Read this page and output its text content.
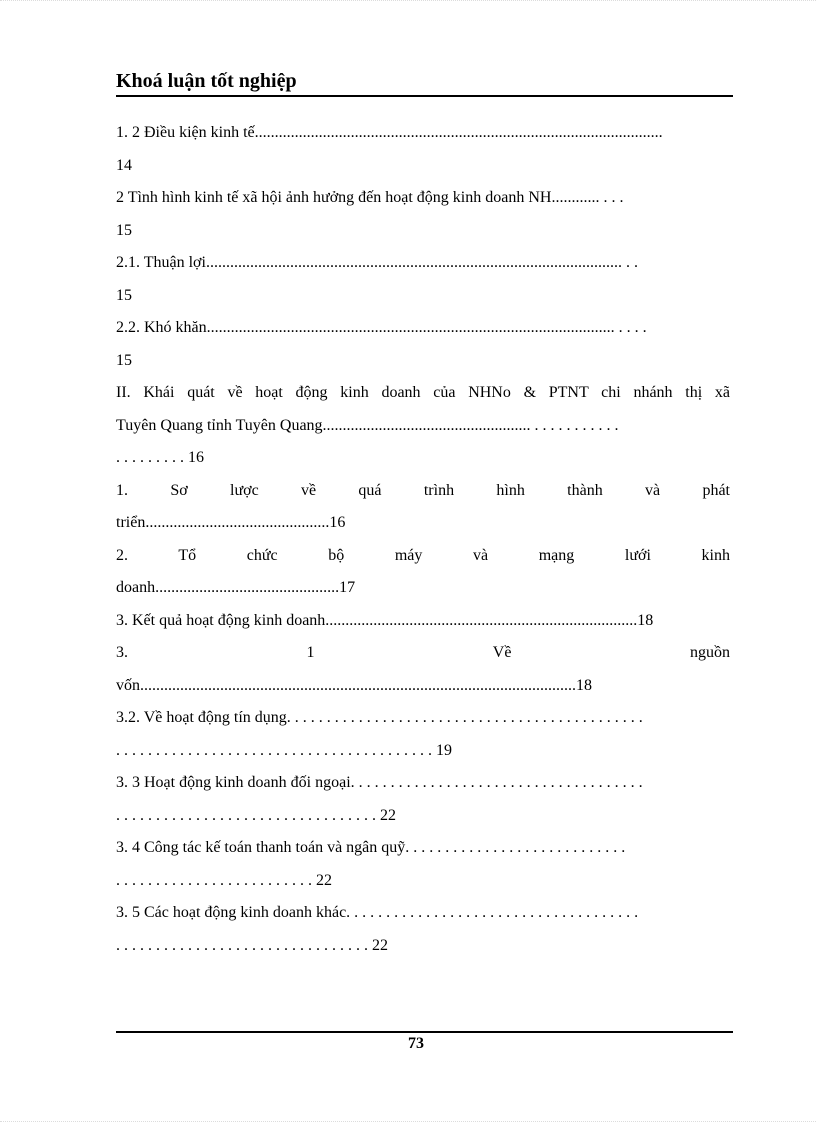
Khoá luận tốt nghiệp
1. 2 Điều kiện kinh tế......................................................................................................
14
2 Tình hình kinh tế xã hội ảnh hưởng đến hoạt động kinh doanh NH............ . . .
15
2.1. Thuận lợi........................................................................................................ . .
15
2.2. Khó khăn...................................................................................................... . . . .
15
II. Khái quát về hoạt động kinh doanh của NHNo & PTNT chi nhánh thị xã
Tuyên Quang tỉnh Tuyên Quang.................................................... . . . . . . . . . . .
. . . . . . . . . 16
1. Sơ lược về quá trình hình thành và phát
triển..............................................16
2. Tổ chức bộ máy và mạng lưới kinh
doanh..............................................17
3. Kết quả hoạt động kinh doanh..............................................................................18
3. 1 Về nguồn
vốn.............................................................................................................18
3.2. Về hoạt động tín dụng. . . . . . . . . . . . . . . . . . . . . . . . . . . . . . . . . . . . . . . . . . . . .
. . . . . . . . . . . . . . . . . . . . . . . . . . . . . . . . . . . . . . . . 19
3. 3 Hoạt động kinh doanh đối ngoại. . . . . . . . . . . . . . . . . . . . . . . . . . . . . . . . . . . . .
. . . . . . . . . . . . . . . . . . . . . . . . . . . . . . . . . 22
3. 4 Công tác kế toán thanh toán và ngân quỹ. . . . . . . . . . . . . . . . . . . . . . . . . . . .
. . . . . . . . . . . . . . . . . . . . . . . . . 22
3. 5 Các hoạt động kinh doanh khác. . . . . . . . . . . . . . . . . . . . . . . . . . . . . . . . . . . . .
. . . . . . . . . . . . . . . . . . . . . . . . . . . . . . . . 22
73
